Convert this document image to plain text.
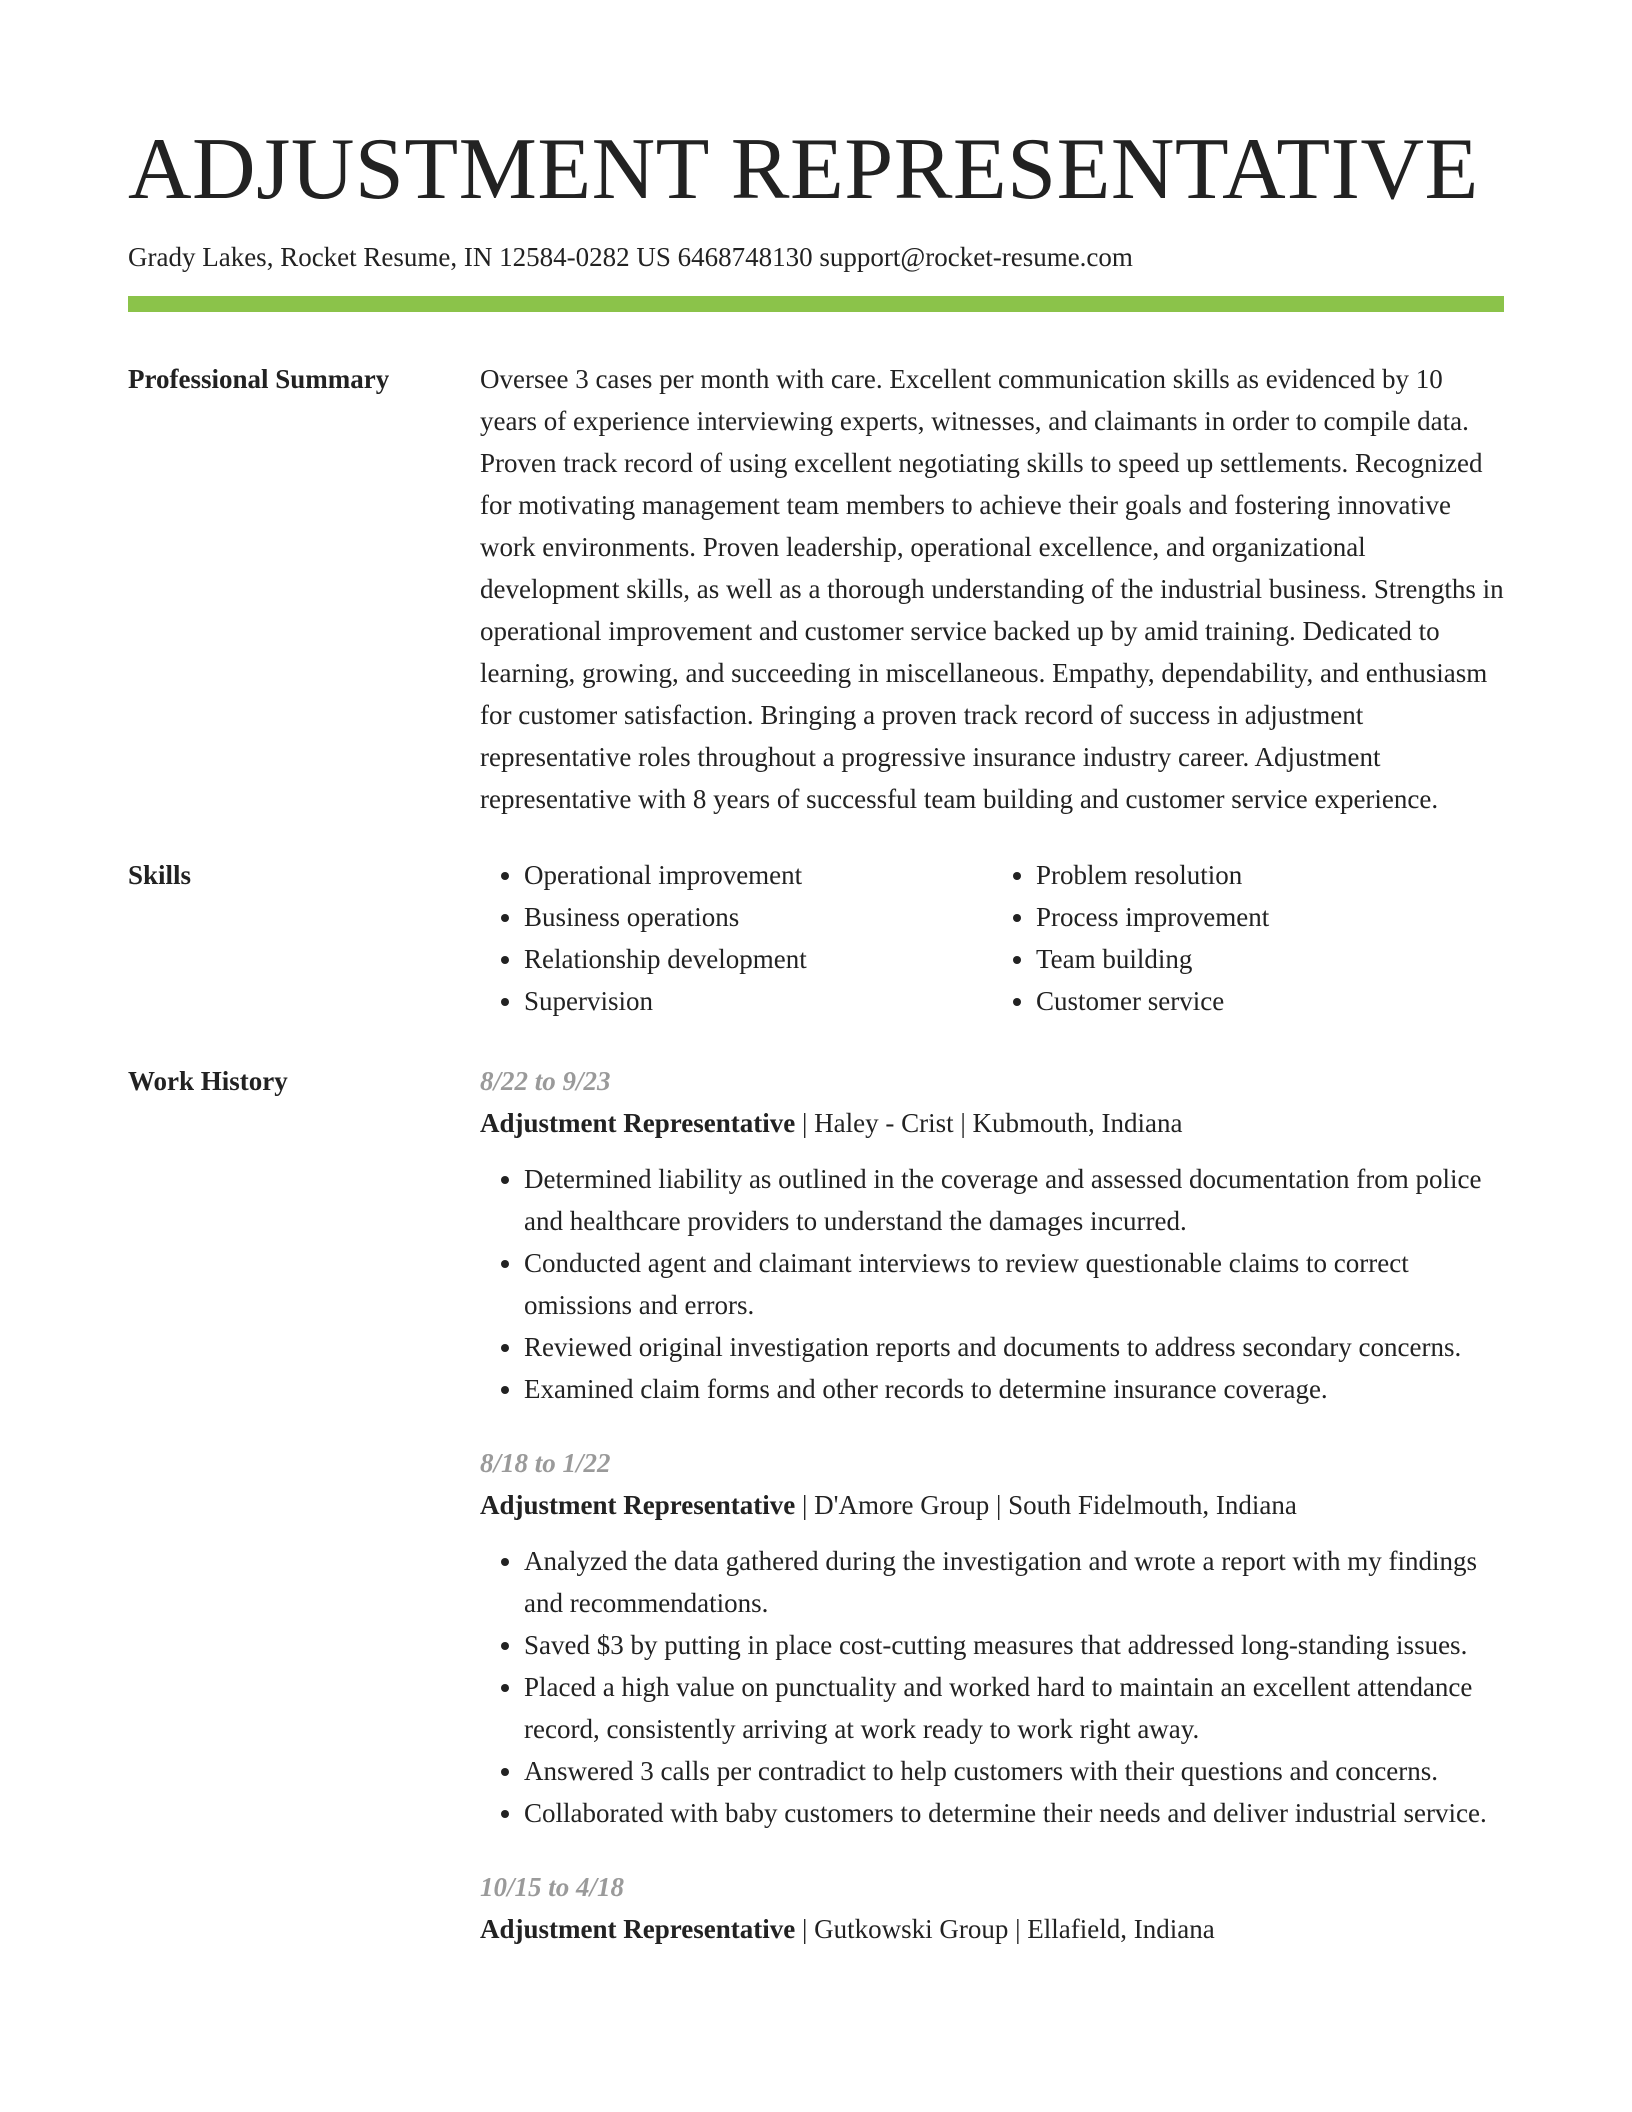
ADJUSTMENT REPRESENTATIVE
Grady Lakes, Rocket Resume, IN 12584-0282 US 6468748130 support@rocket-resume.com
Professional Summary	Oversee 3 cases per month with care. Excellent communication skills as evidenced by 10 years of experience interviewing experts, witnesses, and claimants in order to compile data. Proven track record of using excellent negotiating skills to speed up settlements. Recognized for motivating management team members to achieve their goals and fostering innovative work environments. Proven leadership, operational excellence, and organizational development skills, as well as a thorough understanding of the industrial business. Strengths in operational improvement and customer service backed up by amid training. Dedicated to learning, growing, and succeeding in miscellaneous. Empathy, dependability, and enthusiasm for customer satisfaction. Bringing a proven track record of success in adjustment representative roles throughout a progressive insurance industry career. Adjustment representative with 8 years of successful team building and customer service experience.

Skills
•	Operational improvement
• Business operations
• Relationship development
• Supervision
• Problem resolution
• Process improvement
• Team building
• Customer service
Work History	8/22 to 9/23
Adjustment Representative | Haley - Crist | Kubmouth, Indiana
• Determined liability as outlined in the coverage and assessed documentation from police and healthcare providers to understand the damages incurred.
• Conducted agent and claimant interviews to review questionable claims to correct omissions and errors.
• Reviewed original investigation reports and documents to address secondary concerns.
• Examined claim forms and other records to determine insurance coverage.
8/18 to 1/22
Adjustment Representative | D'Amore Group | South Fidelmouth, Indiana
• Analyzed the data gathered during the investigation and wrote a report with my findings and recommendations.
• Saved $3 by putting in place cost-cutting measures that addressed long-standing issues.
• Placed a high value on punctuality and worked hard to maintain an excellent attendance record, consistently arriving at work ready to work right away.
• Answered 3 calls per contradict to help customers with their questions and concerns.
• Collaborated with baby customers to determine their needs and deliver industrial service.
10/15 to 4/18
Adjustment Representative | Gutkowski Group | Ellafield, Indiana
